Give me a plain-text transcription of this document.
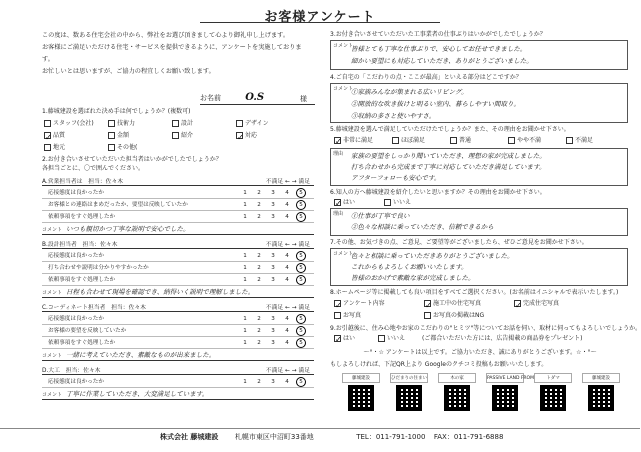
お客様アンケート
この度は、数ある住宅会社の中から、弊社をお選び頂きまして心より御礼申し上げます。
お客様にご満足いただける住宅・サービスを提供できるように、アンケートを実施しております。
お忙しいとは思いますが、ご協力の程宜しくお願い致します。
お名前 O.S	様
1.藤城建設を選ばれた決め手は何でしょうか？(複数可)
スタッフ(会社)	技術力	設計	デザイン
✓品質	金額	紹介 ✓	対応
地元	その他(
2.お付き合いさせていただいた担当者はいかがでしたでしょうか？
各担当ごとに、〇で囲んでください。
A.営業担当者は　担当：佐々木	不満足 ← → 満足
応接態度は良かったか	1 2 3 4 5
お客様との連絡はまめだったか、要望は反映していたか	1 2 3 4 5
依頼事項をすぐ処理したか	1 2 3 4 5
コメント いつも親切かつ丁寧な説明で安心でした。
B.設計担当者　担当：佐々木	不満足 ← → 満足
応接態度は良かったか	1 2 3 4 5
打ち合わせや説明は分かりやすかったか	1 2 3 4 5
依頼事項をすぐ処理したか	1 2 3 4 5
コメント 日程も合わせて現場を確認でき、納得いく説明で理解しました。
C.コーディネート担当者　担当：佐々木	不満足 ← → 満足
応接態度は良かったか	1 2 3 4 5
お客様の要望を反映していたか	1 2 3 4 5
依頼事項をすぐ処理したか	1 2 3 4 5
コメント 一緒に考えていただき、素敵なものが出来ました。
D.大工　担当：佐々木	不満足 ← → 満足
応接態度は良かったか	1 2 3 4 5
コメント 丁寧に作業していただき、大変満足しています。
3.お付き合いさせていただいた工事業者の仕事ぶりはいかがでしたでしょうか？
コメント
皆様とても丁寧な仕事ぶりで、安心してお任せできました。
細かい要望にも対応していただき、ありがとうございました。
4.ご自宅の「こだわりの点・ここが最高」といえる部分はどこですか？
コメント
①家族みんなが集まれる広いリビング。
②開放的な吹き抜けと明るい室内、暮らしやすい間取り。
③収納の多さと使いやすさ。
5.藤城建設を選んで満足していただけたでしょうか？また、その理由をお聞かせ下さい。
✓非常に満足	ほぼ満足	普通	やや不満	不満足
理由 家族の要望をしっかり聞いていただき、理想の家が完成しました。
打ち合わせから完成まで丁寧に対応していただき満足しています。
アフターフォローも安心です。
6.知人の方へ藤城建設を紹介したいと思いますか？その理由をお聞かせ下さい。
✓はい	いいえ
理由 ①仕事が丁寧で良い
②色々な相談に乗っていただき、信頼できるから
7.その他、お気づきの点、ご意見、ご要望等がございましたら、ぜひご意見をお聞かせ下さい。
コメント
色々と相談に乗っていただきありがとうございました。
これからもよろしくお願いいたします。
皆様のおかげで素敵な家が完成しました。
8.ホームページ等に掲載しても良い項目をすべてご選択ください。(お名前はイニシャルで表示いたします。)
✓アンケート内容 ✓	施工中の住宅写真 ✓	完成住宅写真
お写真	お写真の掲載はNG
9.お引越後に、住み心地やお家のこだわりの"ヒミツ"等についてお話を伺い、取材に伺ってもよろしいでしょうか。
✓はい	いいえ	(ご都合いただいた方には、広告掲載の商品券をプレゼント)
～°・☆ アンケートは以上です。ご協力いただき、誠にありがとうございます。☆・°～
もしよろしければ、下記QR上より Googleのクチコミ投稿もお願いいたします。
藤城建設	ひだまりの住まい	木の家	PASSIVE LAND FROM	トダマ	藤城建設
株式会社 藤城建設 札幌市東区中沼町33番地	TEL：011-791-1000 FAX：011-791-6888
